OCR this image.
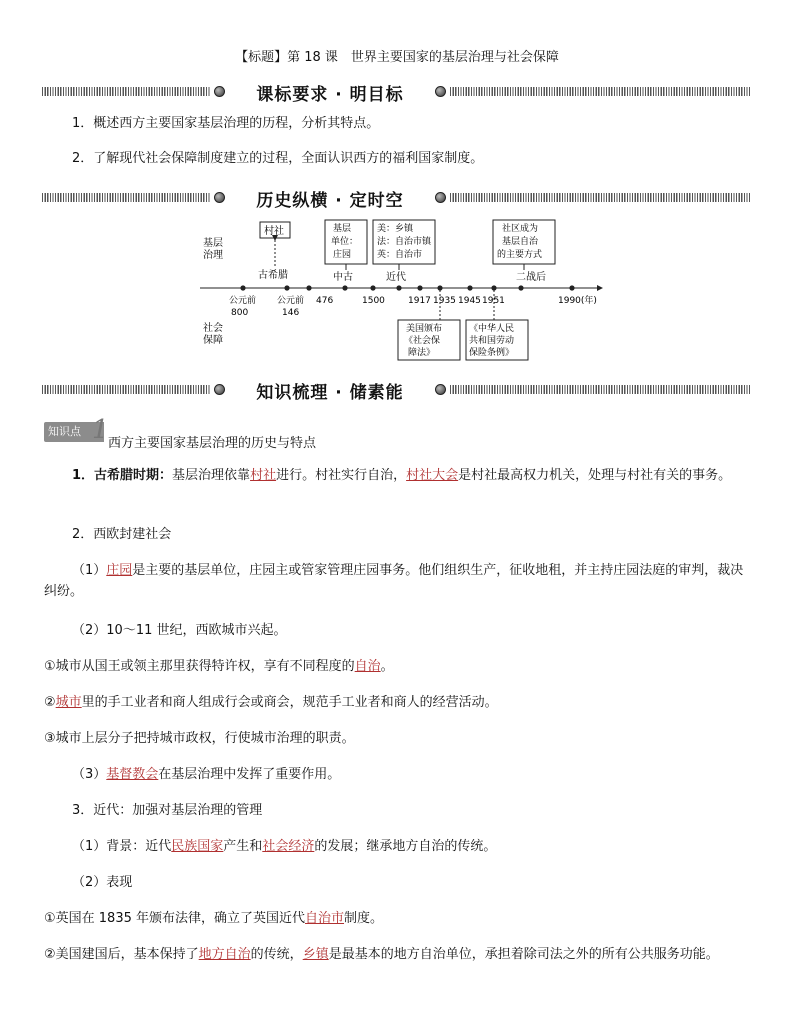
【标题】第 18 课　世界主要国家的基层治理与社会保障
课标要求 · 明目标
1．概述西方主要国家基层治理的历程，分析其特点。
2．了解现代社会保障制度建立的过程，全面认识西方的福利国家制度。
历史纵横 · 定时空
基层
治理
社会
保障
公元前
800
公元前
146
476	1500	1917 1935 1945 1951	1990(年)
古希腊	中古	近代	二战后
村社	基层
单位：
庄园
美：乡镇
法：自治市镇
英：自治市
社区成为
基层自治
的主要方式
美国颁布
《社会保
障法》
《中华人民
共和国劳动
保险条例》
知识梳理 · 储素能
知识点 1 西方主要国家基层治理的历史与特点
1．古希腊时期：基层治理依靠村社进行。村社实行自治，村社大会是村社最高权力机关，处理与村社有关的事务。
2．西欧封建社会
（1）庄园是主要的基层单位，庄园主或管家管理庄园事务。他们组织生产，征收地租，并主持庄园法庭的审判，裁决纠纷。
（2）10～11 世纪，西欧城市兴起。
①城市从国王或领主那里获得特许权，享有不同程度的自治。
②城市里的手工业者和商人组成行会或商会，规范手工业者和商人的经营活动。
③城市上层分子把持城市政权，行使城市治理的职责。
（3）基督教会在基层治理中发挥了重要作用。
3．近代：加强对基层治理的管理
（1）背景：近代民族国家产生和社会经济的发展；继承地方自治的传统。
（2）表现
①英国在 1835 年颁布法律，确立了英国近代自治市制度。
②美国建国后，基本保持了地方自治的传统，乡镇是最基本的地方自治单位，承担着除司法之外的所有公共服务功能。
